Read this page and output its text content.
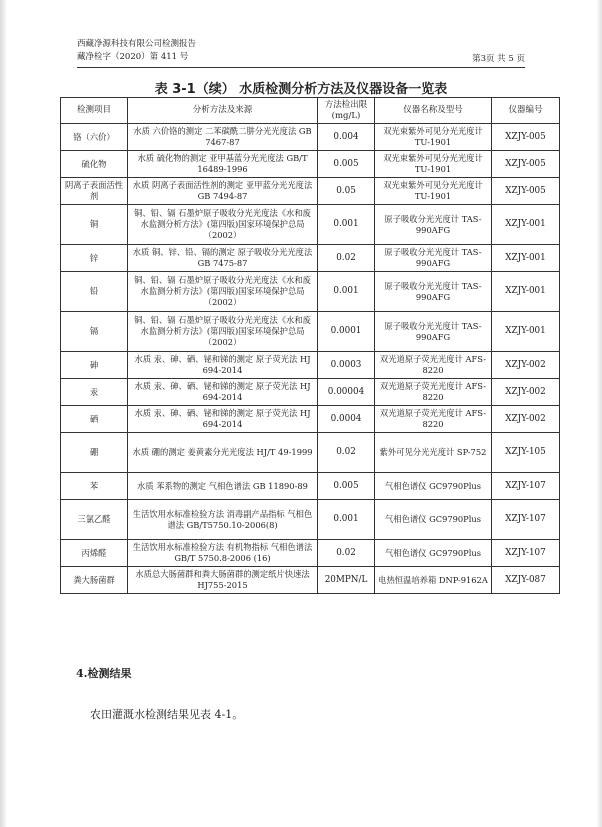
西藏净源科技有限公司检测报告
藏净检字（2020）第 411 号	第3页 共 5 页
表 3-1（续） 水质检测分析方法及仪器设备一览表
检测项目	分析方法及来源	方法检出限(mg/L)	仪器名称及型号	仪器编号
铬（六价）	水质 六价铬的测定 二苯碳酰二肼分光光度法 GB 7467-87	0.004	双光束紫外可见分光光度计 TU-1901	XZJY-005
硫化物	水质 硫化物的测定 亚甲基蓝分光光度法 GB/T 16489-1996	0.005	双光束紫外可见分光光度计 TU-1901	XZJY-005
阴离子表面活性剂	水质 阴离子表面活性剂的测定 亚甲蓝分光光度法 GB 7494-87	0.05	双光束紫外可见分光光度计 TU-1901	XZJY-005
铜	铜、铅、镉 石墨炉原子吸收分光光度法《水和废水监测分析方法》(第四版)国家环境保护总局（2002）	0.001	原子吸收分光光度计 TAS-990AFG	XZJY-001
锌	水质 铜、锌、铅、镉的测定 原子吸收分光光度法 GB 7475-87	0.02	原子吸收分光光度计 TAS-990AFG	XZJY-001
铅	铜、铅、镉 石墨炉原子吸收分光光度法《水和废水监测分析方法》(第四版)国家环境保护总局（2002）	0.001	原子吸收分光光度计 TAS-990AFG	XZJY-001
镉	铜、铅、镉 石墨炉原子吸收分光光度法《水和废水监测分析方法》(第四版)国家环境保护总局（2002）	0.0001	原子吸收分光光度计 TAS-990AFG	XZJY-001
砷	水质 汞、砷、硒、铋和锑的测定 原子荧光法 HJ 694-2014	0.0003	双光道原子荧光光度计 AFS-8220	XZJY-002
汞	水质 汞、砷、硒、铋和锑的测定 原子荧光法 HJ 694-2014	0.00004	双光道原子荧光光度计 AFS-8220	XZJY-002
硒	水质 汞、砷、硒、铋和锑的测定 原子荧光法 HJ 694-2014	0.0004	双光道原子荧光光度计 AFS-8220	XZJY-002
硼	水质 硼的测定 姜黄素分光光度法 HJ/T 49-1999	0.02	紫外可见分光光度计 SP-752	XZJY-105
苯	水质 苯系物的测定 气相色谱法 GB 11890-89	0.005	气相色谱仪 GC9790Plus	XZJY-107
三氯乙醛	生活饮用水标准检验方法 消毒副产品指标 气相色谱法 GB/T5750.10-2006(8)	0.001	气相色谱仪 GC9790Plus	XZJY-107
丙烯醛	生活饮用水标准检验方法 有机物指标 气相色谱法 GB/T 5750.8-2006 (16)	0.02	气相色谱仪 GC9790Plus	XZJY-107
粪大肠菌群	水质总大肠菌群和粪大肠菌群的测定纸片快速法 HJ755-2015	20MPN/L	电热恒温培养箱 DNP-9162A	XZJY-087
4.检测结果
农田灌溉水检测结果见表 4-1。
